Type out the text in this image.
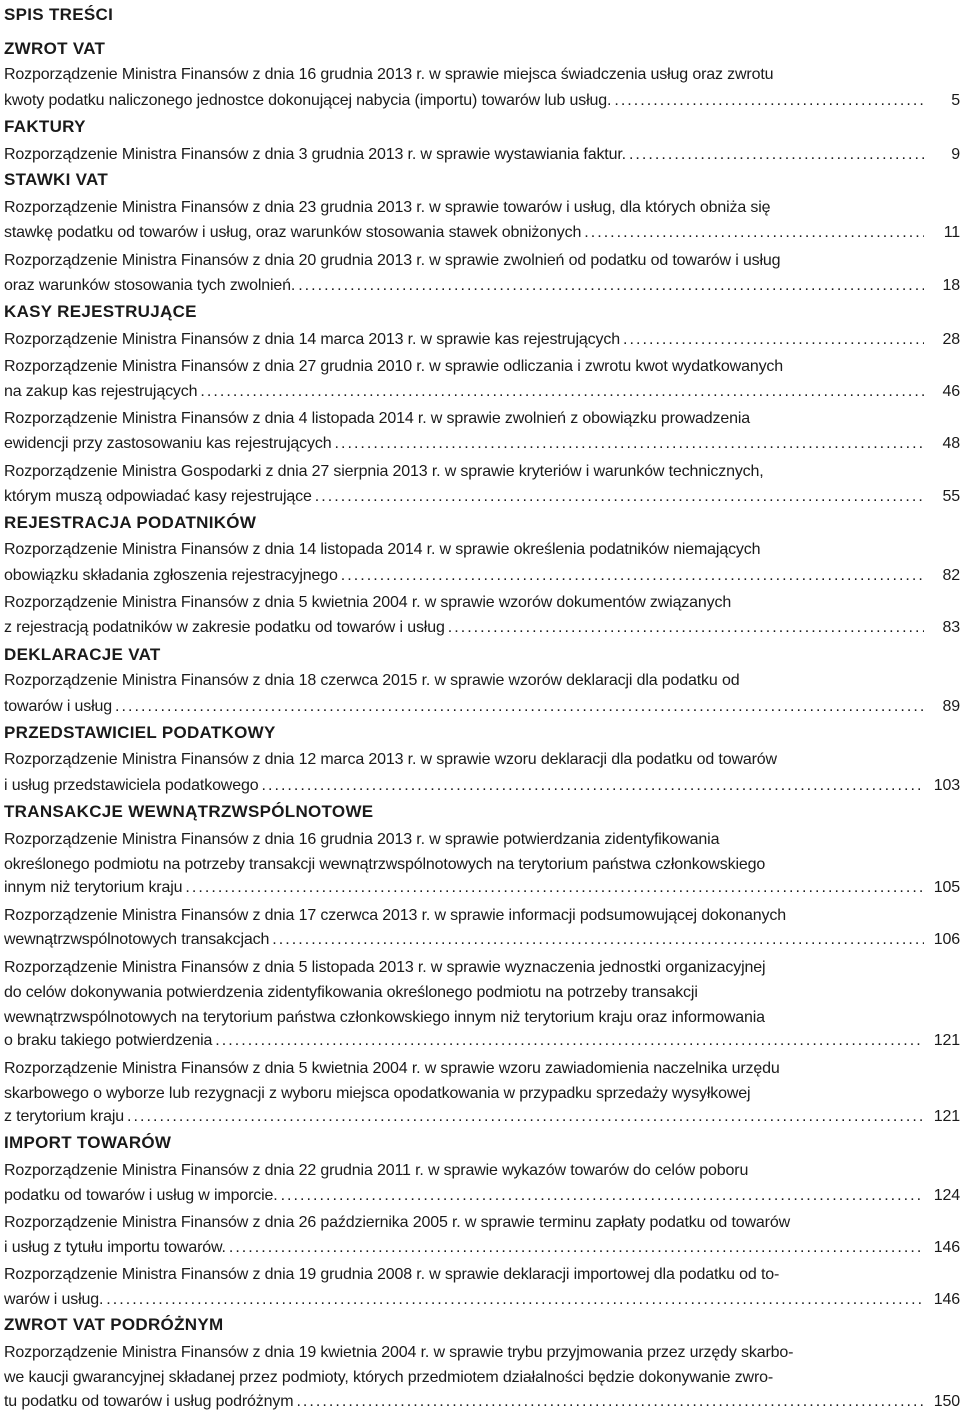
SPIS TREŚCI
ZWROT VAT
Rozporządzenie Ministra Finansów z dnia 16 grudnia 2013 r. w sprawie miejsca świadczenia usług oraz zwrotu
kwoty podatku naliczonego jednostce dokonującej nabycia (importu) towarów lub usług. . . .	5
FAKTURY
Rozporządzenie Ministra Finansów z dnia 3 grudnia 2013 r. w sprawie wystawiania faktur. . . .	9
STAWKI VAT
Rozporządzenie Ministra Finansów z dnia 23 grudnia 2013 r. w sprawie towarów i usług, dla których obniża się
stawkę podatku od towarów i usług, oraz warunków stosowania stawek obniżonych . . .	11
Rozporządzenie Ministra Finansów z dnia 20 grudnia 2013 r. w sprawie zwolnień od podatku od towarów i usług
oraz warunków stosowania tych zwolnień. . . .	18
KASY REJESTRUJĄCE
Rozporządzenie Ministra Finansów z dnia 14 marca 2013 r. w sprawie kas rejestrujących . . .	28
Rozporządzenie Ministra Finansów z dnia 27 grudnia 2010 r. w sprawie odliczania i zwrotu kwot wydatkowanych
na zakup kas rejestrujących . . .	46
Rozporządzenie Ministra Finansów z dnia 4 listopada 2014 r. w sprawie zwolnień z obowiązku prowadzenia
ewidencji przy zastosowaniu kas rejestrujących . . .	48
Rozporządzenie Ministra Gospodarki z dnia 27 sierpnia 2013 r. w sprawie kryteriów i warunków technicznych,
którym muszą odpowiadać kasy rejestrujące . . .	55
REJESTRACJA PODATNIKÓW
Rozporządzenie Ministra Finansów z dnia 14 listopada 2014 r. w sprawie określenia podatników niemających
obowiązku składania zgłoszenia rejestracyjnego . . .	82
Rozporządzenie Ministra Finansów z dnia 5 kwietnia 2004 r. w sprawie wzorów dokumentów związanych
z rejestracją podatników w zakresie podatku od towarów i usług . . .	83
DEKLARACJE VAT
Rozporządzenie Ministra Finansów z dnia 18 czerwca 2015 r. w sprawie wzorów deklaracji dla podatku od
towarów i usług . . .	89
PRZEDSTAWICIEL PODATKOWY
Rozporządzenie Ministra Finansów z dnia 12 marca 2013 r. w sprawie wzoru deklaracji dla podatku od towarów
i usług przedstawiciela podatkowego . . .	103
TRANSAKCJE WEWNĄTRZWSPÓLNOTOWE
Rozporządzenie Ministra Finansów z dnia 16 grudnia 2013 r. w sprawie potwierdzania zidentyfikowania
określonego podmiotu na potrzeby transakcji wewnątrzwspólnotowych na terytorium państwa członkowskiego
innym niż terytorium kraju . . .	105
Rozporządzenie Ministra Finansów z dnia 17 czerwca 2013 r. w sprawie informacji podsumowującej dokonanych
wewnątrzwspólnotowych transakcjach . . .	106
Rozporządzenie Ministra Finansów z dnia 5 listopada 2013 r. w sprawie wyznaczenia jednostki organizacyjnej
do celów dokonywania potwierdzenia zidentyfikowania określonego podmiotu na potrzeby transakcji
wewnątrzwspólnotowych na terytorium państwa członkowskiego innym niż terytorium kraju oraz informowania
o braku takiego potwierdzenia . . .	121
Rozporządzenie Ministra Finansów z dnia 5 kwietnia 2004 r. w sprawie wzoru zawiadomienia naczelnika urzędu
skarbowego o wyborze lub rezygnacji z wyboru miejsca opodatkowania w przypadku sprzedaży wysyłkowej
z terytorium kraju . . .	121
IMPORT TOWARÓW
Rozporządzenie Ministra Finansów z dnia 22 grudnia 2011 r. w sprawie wykazów towarów do celów poboru
podatku od towarów i usług w imporcie. . . .	124
Rozporządzenie Ministra Finansów z dnia 26 października 2005 r. w sprawie terminu zapłaty podatku od towarów
i usług z tytułu importu towarów. . . .	146
Rozporządzenie Ministra Finansów z dnia 19 grudnia 2008 r. w sprawie deklaracji importowej dla podatku od to-
warów i usług. . . .	146
ZWROT VAT PODRÓŻNYM
Rozporządzenie Ministra Finansów z dnia 19 kwietnia 2004 r. w sprawie trybu przyjmowania przez urzędy skarbo-
we kaucji gwarancyjnej składanej przez podmioty, których przedmiotem działalności będzie dokonywanie zwro-
tu podatku od towarów i usług podróżnym . . .	150
